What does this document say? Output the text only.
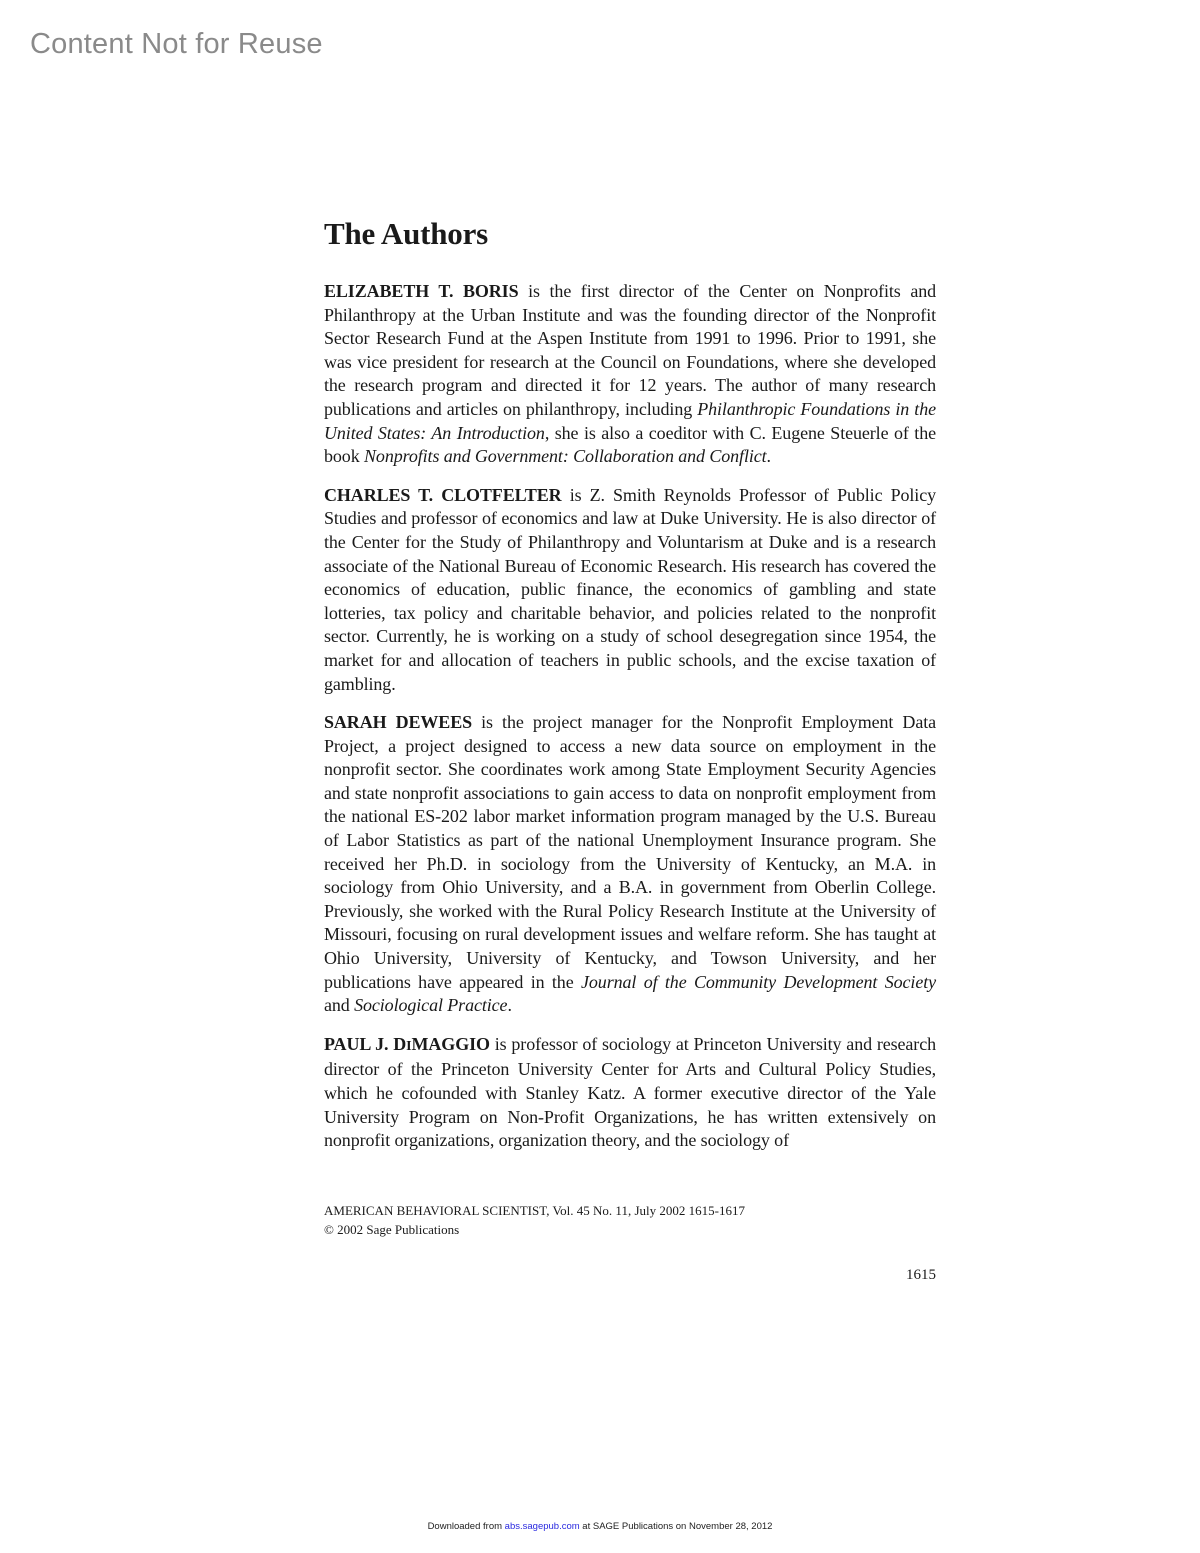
Content Not for Reuse
The Authors

ELIZABETH T. BORIS is the first director of the Center on Nonprofits and Philanthropy at the Urban Institute and was the founding director of the Nonprofit Sector Research Fund at the Aspen Institute from 1991 to 1996. Prior to 1991, she was vice president for research at the Council on Foundations, where she developed the research program and directed it for 12 years. The author of many research publications and articles on philanthropy, including Philanthropic Foundations in the United States: An Introduction, she is also a coeditor with C. Eugene Steuerle of the book Nonprofits and Government: Collaboration and Conflict.

CHARLES T. CLOTFELTER is Z. Smith Reynolds Professor of Public Policy Studies and professor of economics and law at Duke University. He is also director of the Center for the Study of Philanthropy and Voluntarism at Duke and is a research associate of the National Bureau of Economic Research. His research has covered the economics of education, public finance, the economics of gambling and state lotteries, tax policy and charitable behavior, and policies related to the nonprofit sector. Currently, he is working on a study of school desegregation since 1954, the market for and allocation of teachers in public schools, and the excise taxation of gambling.

SARAH DEWEES is the project manager for the Nonprofit Employment Data Project, a project designed to access a new data source on employment in the nonprofit sector. She coordinates work among State Employment Security Agencies and state nonprofit associations to gain access to data on nonprofit employment from the national ES-202 labor market information program managed by the U.S. Bureau of Labor Statistics as part of the national Unemployment Insurance program. She received her Ph.D. in sociology from the University of Kentucky, an M.A. in sociology from Ohio University, and a B.A. in government from Oberlin College. Previously, she worked with the Rural Policy Research Institute at the University of Missouri, focusing on rural development issues and welfare reform. She has taught at Ohio University, University of Kentucky, and Towson University, and her publications have appeared in the Journal of the Community Development Society and Sociological Practice.

PAUL J. DIMAGGIO is professor of sociology at Princeton University and research director of the Princeton University Center for Arts and Cultural Policy Studies, which he cofounded with Stanley Katz. A former executive director of the Yale University Program on Non-Profit Organizations, he has written extensively on nonprofit organizations, organization theory, and the sociology of

AMERICAN BEHAVIORAL SCIENTIST, Vol. 45 No. 11, July 2002 1615-1617
© 2002 Sage Publications
1615
Downloaded from abs.sagepub.com at SAGE Publications on November 28, 2012
